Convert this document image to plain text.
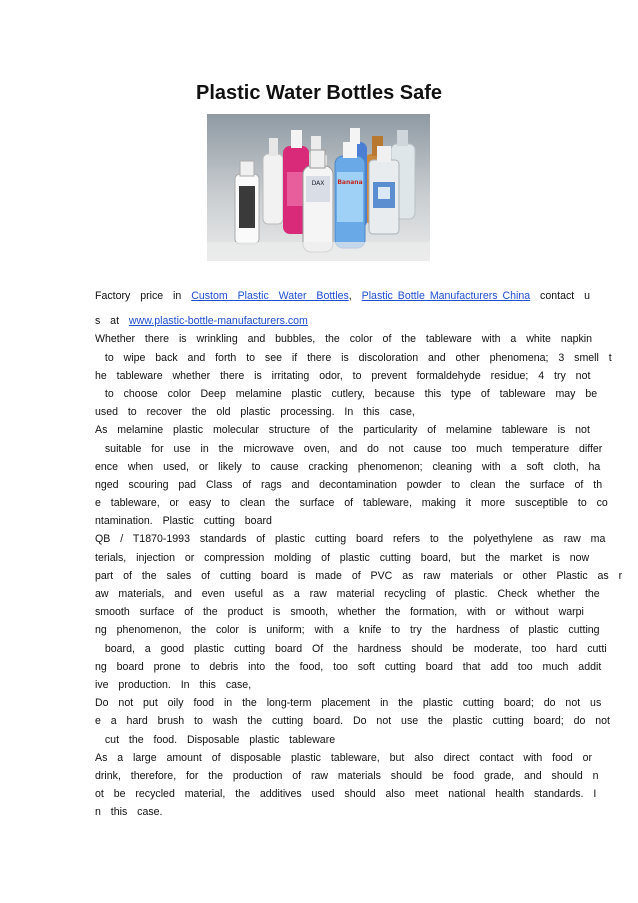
Plastic Water Bottles Safe
DAX Banana
Factory  price  in  Custom  Plastic  Water  Bottles,  Plastic Bottle Manufacturers China  contact  u
s  at  www.plastic-bottle-manufacturers.com
Whether  there  is  wrinkling  and  bubbles,  the  color  of  the  tableware  with  a  white  napkin
to  wipe  back  and  forth  to  see  if  there  is  discoloration  and  other  phenomena;  3  smell  t
he  tableware  whether  there  is  irritating  odor,  to  prevent  formaldehyde  residue;  4  try  not
to  choose  color  Deep  melamine  plastic  cutlery,  because  this  type  of  tableware  may  be
used  to  recover  the  old  plastic  processing.  In  this  case,
As  melamine  plastic  molecular  structure  of  the  particularity  of  melamine  tableware  is  not
suitable  for  use  in  the  microwave  oven,  and  do  not  cause  too  much  temperature  differ
ence  when  used,  or  likely  to  cause  cracking  phenomenon;  cleaning  with  a  soft  cloth,  ha
nged  scouring  pad  Class  of  rags  and  decontamination  powder  to  clean  the  surface  of  th
e  tableware,  or  easy  to  clean  the  surface  of  tableware,  making  it  more  susceptible  to  co
ntamination.  Plastic  cutting  board
QB  /  T1870-1993  standards  of  plastic  cutting  board  refers  to  the  polyethylene  as  raw  ma
terials,  injection  or  compression  molding  of  plastic  cutting  board,  but  the  market  is  now
part  of  the  sales  of  cutting  board  is  made  of  PVC  as  raw  materials  or  other  Plastic  as  r
aw  materials,  and  even  useful  as  a  raw  material  recycling  of  plastic.  Check  whether  the
smooth  surface  of  the  product  is  smooth,  whether  the  formation,  with  or  without  warpi
ng  phenomenon,  the  color  is  uniform;  with  a  knife  to  try  the  hardness  of  plastic  cutting
board,  a  good  plastic  cutting  board  Of  the  hardness  should  be  moderate,  too  hard  cutti
ng  board  prone  to  debris  into  the  food,  too  soft  cutting  board  that  add  too  much  addit
ive  production.  In  this  case,
Do  not  put  oily  food  in  the  long-term  placement  in  the  plastic  cutting  board;  do  not  us
e  a  hard  brush  to  wash  the  cutting  board.  Do  not  use  the  plastic  cutting  board;  do  not
cut  the  food.  Disposable  plastic  tableware
As  a  large  amount  of  disposable  plastic  tableware,  but  also  direct  contact  with  food  or
drink,  therefore,  for  the  production  of  raw  materials  should  be  food  grade,  and  should  n
ot  be  recycled  material,  the  additives  used  should  also  meet  national  health  standards.  I
n  this  case.
